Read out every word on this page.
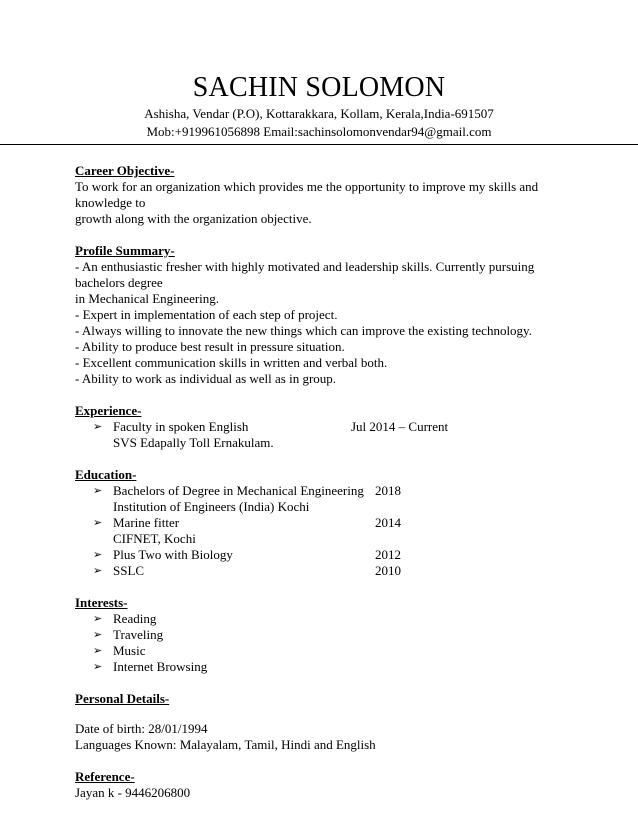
SACHIN SOLOMON
Ashisha, Vendar (P.O), Kottarakkara, Kollam, Kerala,India-691507
Mob:+919961056898 Email:sachinsolomonvendar94@gmail.com
Career Objective-
To work for an organization which provides me the opportunity to improve my skills and knowledge to
growth along with the organization objective.
Profile Summary-
- An enthusiastic fresher with highly motivated and leadership skills. Currently pursuing bachelors degree
in Mechanical Engineering.
- Expert in implementation of each step of project.
- Always willing to innovate the new things which can improve the existing technology.
- Ability to produce best result in pressure situation.
- Excellent communication skills in written and verbal both.
- Ability to work as individual as well as in group.
Experience-
➢ Faculty in spoken English	Jul 2014 – Current
SVS Edapally Toll Ernakulam.
Education-
➢ Bachelors of Degree in Mechanical Engineering 2018
Institution of Engineers (India) Kochi
➢ Marine fitter	2014
CIFNET, Kochi
➢ Plus Two with Biology	2012
➢ SSLC	2010
Interests-
➢ Reading
➢ Traveling
➢ Music
➢ Internet Browsing
Personal Details-
Date of birth: 28/01/1994
Languages Known: Malayalam, Tamil, Hindi and English
Reference-
Jayan k - 9446206800
